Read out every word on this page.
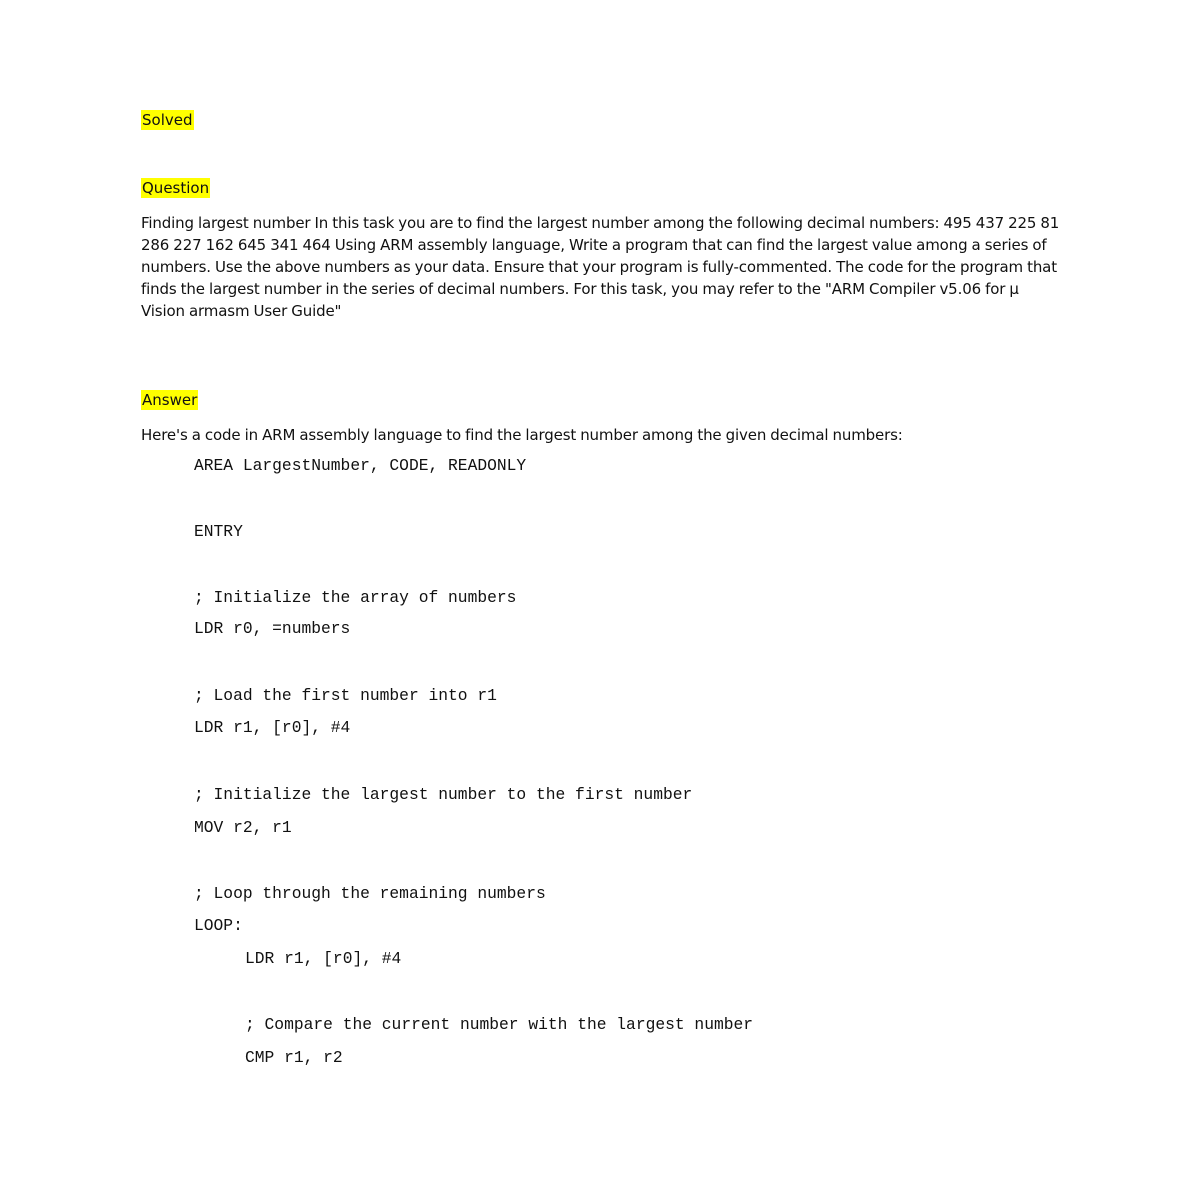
Solved
Question
Finding largest number In this task you are to find the largest number among the following decimal numbers: 495 437 225 81 286 227 162 645 341 464 Using ARM assembly language, Write a program that can find the largest value among a series of numbers. Use the above numbers as your data. Ensure that your program is fully-commented. The code for the program that finds the largest number in the series of decimal numbers. For this task, you may refer to the "ARM Compiler v5.06 for µ Vision armasm User Guide"
Answer
Here's a code in ARM assembly language to find the largest number among the given decimal numbers:
AREA LargestNumber, CODE, READONLY
ENTRY
; Initialize the array of numbers
LDR r0, =numbers
; Load the first number into r1
LDR r1, [r0], #4
; Initialize the largest number to the first number
MOV r2, r1
; Loop through the remaining numbers
LOOP:
LDR r1, [r0], #4
; Compare the current number with the largest number
CMP r1, r2
